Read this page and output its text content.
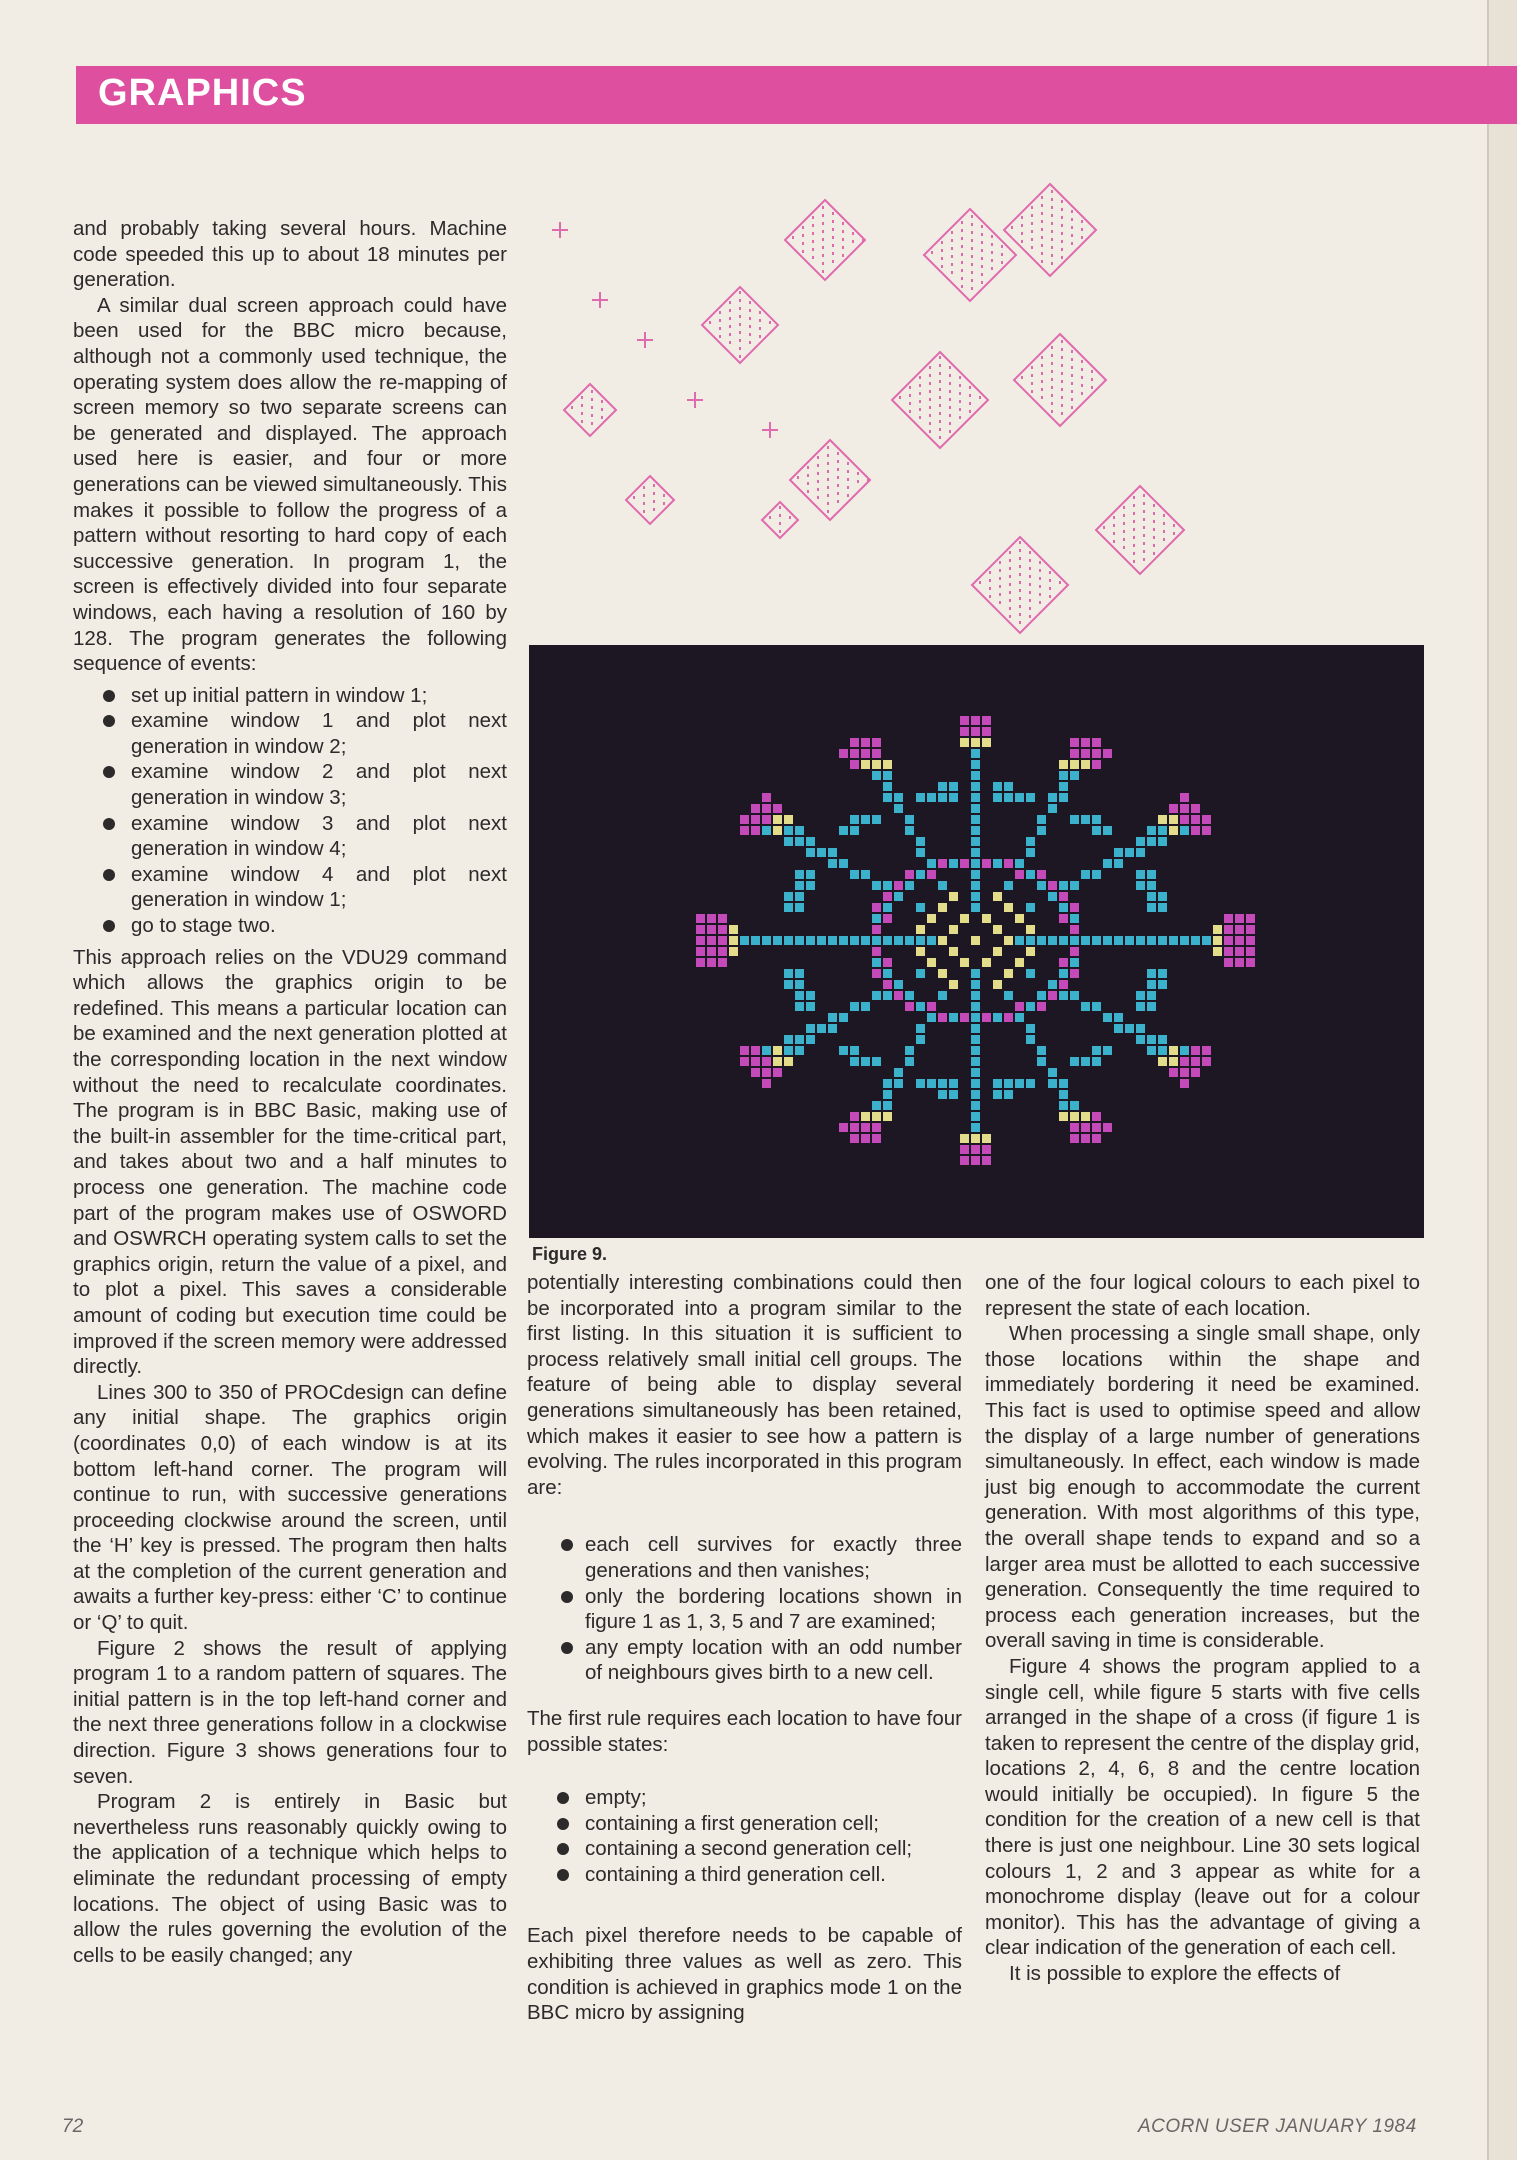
GRAPHICS

and probably taking several hours. Machine code speeded this up to about 18 minutes per generation.

A similar dual screen approach could have been used for the BBC micro because, although not a commonly used technique, the operating system does allow the re-mapping of screen memory so two separate screens can be generated and displayed. The approach used here is easier, and four or more generations can be viewed simultaneously. This makes it possible to follow the progress of a pattern without resorting to hard copy of each successive generation. In program 1, the screen is effectively divided into four separate windows, each having a resolution of 160 by 128. The program generates the following sequence of events:

set up initial pattern in window 1;
examine window 1 and plot next generation in window 2;
examine window 2 and plot next generation in window 3;
examine window 3 and plot next generation in window 4;
examine window 4 and plot next generation in window 1;
go to stage two.

This approach relies on the VDU29 command which allows the graphics origin to be redefined. This means a particular location can be examined and the next generation plotted at the corresponding location in the next window without the need to recalculate coordinates. The program is in BBC Basic, making use of the built-in assembler for the time-critical part, and takes about two and a half minutes to process one generation. The machine code part of the program makes use of OSWORD and OSWRCH operating system calls to set the graphics origin, return the value of a pixel, and to plot a pixel. This saves a considerable amount of coding but execution time could be improved if the screen memory were addressed directly.

Lines 300 to 350 of PROCdesign can define any initial shape. The graphics origin (coordinates 0,0) of each window is at its bottom left-hand corner. The program will continue to run, with successive generations proceeding clockwise around the screen, until the ‘H’ key is pressed. The program then halts at the completion of the current generation and awaits a further key-press: either ‘C’ to continue or ‘Q’ to quit.

Figure 2 shows the result of applying program 1 to a random pattern of squares. The initial pattern is in the top left-hand corner and the next three generations follow in a clockwise direction. Figure 3 shows generations four to seven.

Program 2 is entirely in Basic but nevertheless runs reasonably quickly owing to the application of a technique which helps to eliminate the redundant processing of empty locations. The object of using Basic was to allow the rules governing the evolution of the cells to be easily changed; any

Figure 9.

potentially interesting combinations could then be incorporated into a program similar to the first listing. In this situation it is sufficient to process relatively small initial cell groups. The feature of being able to display several generations simultaneously has been retained, which makes it easier to see how a pattern is evolving. The rules incorporated in this program are:

each cell survives for exactly three generations and then vanishes;
only the bordering locations shown in figure 1 as 1, 3, 5 and 7 are examined;
any empty location with an odd number of neighbours gives birth to a new cell.

The first rule requires each location to have four possible states:

empty;
containing a first generation cell;
containing a second generation cell;
containing a third generation cell.

Each pixel therefore needs to be capable of exhibiting three values as well as zero. This condition is achieved in graphics mode 1 on the BBC micro by assigning

one of the four logical colours to each pixel to represent the state of each location.

When processing a single small shape, only those locations within the shape and immediately bordering it need be examined. This fact is used to optimise speed and allow the display of a large number of generations simultaneously. In effect, each window is made just big enough to accommodate the current generation. With most algorithms of this type, the overall shape tends to expand and so a larger area must be allotted to each successive generation. Consequently the time required to process each generation increases, but the overall saving in time is considerable.

Figure 4 shows the program applied to a single cell, while figure 5 starts with five cells arranged in the shape of a cross (if figure 1 is taken to represent the centre of the display grid, locations 2, 4, 6, 8 and the centre location would initially be occupied). In figure 5 the condition for the creation of a new cell is that there is just one neighbour. Line 30 sets logical colours 1, 2 and 3 appear as white for a monochrome display (leave out for a colour monitor). This has the advantage of giving a clear indication of the generation of each cell.

It is possible to explore the effects of

72	ACORN USER JANUARY 1984
